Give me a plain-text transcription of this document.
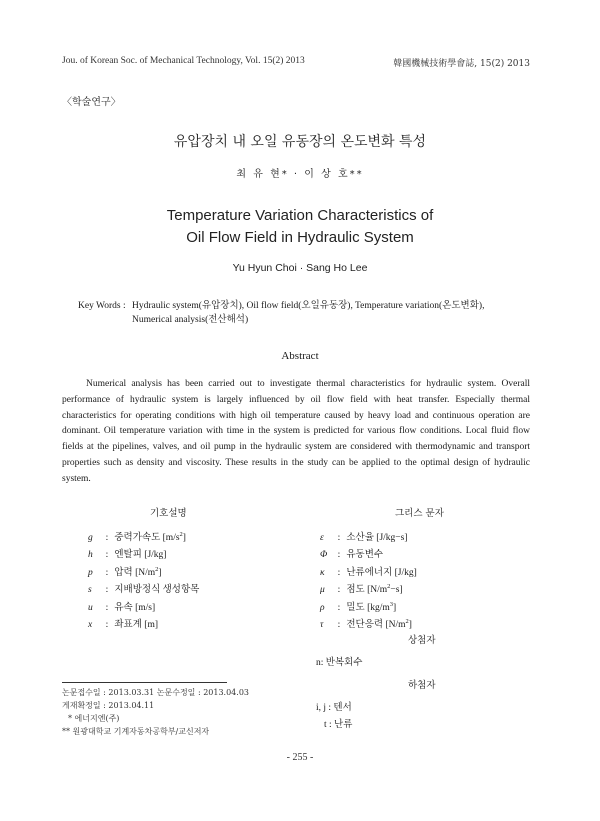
Jou. of Korean Soc. of Mechanical Technology, Vol. 15(2) 2013	韓國機械技術學會誌, 15(2) 2013
〈학술연구〉
유압장치 내 오일 유동장의 온도변화 특성
최 유 현* · 이 상 호**
Temperature Variation Characteristics of
Oil Flow Field in Hydraulic System
Yu Hyun Choi · Sang Ho Lee
Key Words : Hydraulic system(유압장치), Oil flow field(오일유동장), Temperature variation(온도변화),
Numerical analysis(전산해석)
Abstract
Numerical analysis has been carried out to investigate thermal characteristics for hydraulic system. Overall performance of hydraulic system is largely influenced by oil flow field with heat transfer. Especially thermal characteristics for operating conditions with high oil temperature caused by heavy load and continuous operation are dominant. Oil temperature variation with time in the system is predicted for various flow conditions. Local fluid flow fields at the pipelines, valves, and oil pump in the hydraulic system are considered with thermodynamic and transport properties such as density and viscosity. These results in the study can be applied to the optimal design of hydraulic system.
기호설명
g : 중력가속도 $[m/s^2]$
h : 엔탈피 [J/kg]
p : 압력 $[N/m^2]$
s : 지배방정식 생성항목
u : 유속 [m/s]
x : 좌표계 [m]
그리스 문자
ε : 소산율 [J/kg−s]
Φ : 유동변수
κ : 난류에너지 [J/kg]
μ : 점도 $[N/m^2-s]$
ρ : 밀도 $[kg/m^3]$
τ : 전단응력 $[N/m^2]$
상첨자
n: 반복회수
하첨자
i, j : 텐서
t : 난류
논문접수일 : 2013.03.31 논문수정일 : 2013.04.03
게재확정일 : 2013.04.11
* 에너지엔(주)
** 원광대학교 기계자동차공학부/교신저자
- 255 -
